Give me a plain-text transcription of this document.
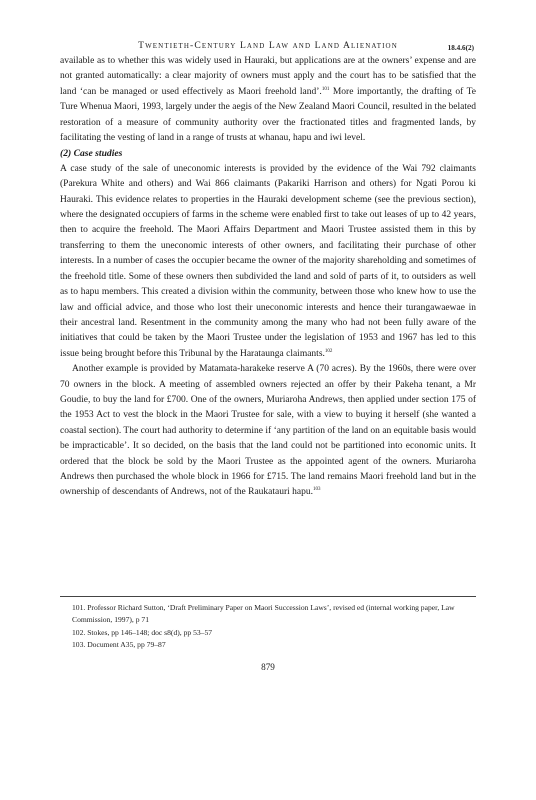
Twentieth-Century Land Law and Land Alienation	18.4.6(2)

available as to whether this was widely used in Hauraki, but applications are at the owners’ expense and are not granted automatically: a clear majority of owners must apply and the court has to be satisfied that the land ‘can be managed or used effectively as Maori freehold land’.$^{101}$ More importantly, the drafting of Te Ture Whenua Maori, 1993, largely under the aegis of the New Zealand Maori Council, resulted in the belated restoration of a measure of community authority over the fractionated titles and fragmented lands, by facilitating the vesting of land in a range of trusts at whanau, hapu and iwi level.

(2) Case studies

A case study of the sale of uneconomic interests is provided by the evidence of the Wai 792 claimants (Parekura White and others) and Wai 866 claimants (Pakariki Harrison and others) for Ngati Porou ki Hauraki. This evidence relates to properties in the Hauraki development scheme (see the previous section), where the designated occupiers of farms in the scheme were enabled first to take out leases of up to 42 years, then to acquire the freehold. The Maori Affairs Department and Maori Trustee assisted them in this by transferring to them the uneconomic interests of other owners, and facilitating their purchase of other interests. In a number of cases the occupier became the owner of the majority shareholding and sometimes of the freehold title. Some of these owners then subdivided the land and sold of parts of it, to outsiders as well as to hapu members. This created a division within the community, between those who knew how to use the law and official advice, and those who lost their uneconomic interests and hence their turangawaewae in their ancestral land. Resentment in the community among the many who had not been fully aware of the initiatives that could be taken by the Maori Trustee under the legislation of 1953 and 1967 has led to this issue being brought before this Tribunal by the Harataunga claimants.$^{102}$

Another example is provided by Matamata-harakeke reserve A (70 acres). By the 1960s, there were over 70 owners in the block. A meeting of assembled owners rejected an offer by their Pakeha tenant, a Mr Goudie, to buy the land for £700. One of the owners, Muriaroha Andrews, then applied under section 175 of the 1953 Act to vest the block in the Maori Trustee for sale, with a view to buying it herself (she wanted a coastal section). The court had authority to determine if ‘any partition of the land on an equitable basis would be impracticable’. It so decided, on the basis that the land could not be partitioned into economic units. It ordered that the block be sold by the Maori Trustee as the appointed agent of the owners. Muriaroha Andrews then purchased the whole block in 1966 for £715. The land remains Maori freehold land but in the ownership of descendants of Andrews, not of the Raukatauri hapu.$^{103}$

101. Professor Richard Sutton, ‘Draft Preliminary Paper on Maori Succession Laws’, revised ed (internal working paper, Law Commission, 1997), p 71

102. Stokes, pp 146–148; doc s8(d), pp 53–57

103. Document A35, pp 79–87

879
